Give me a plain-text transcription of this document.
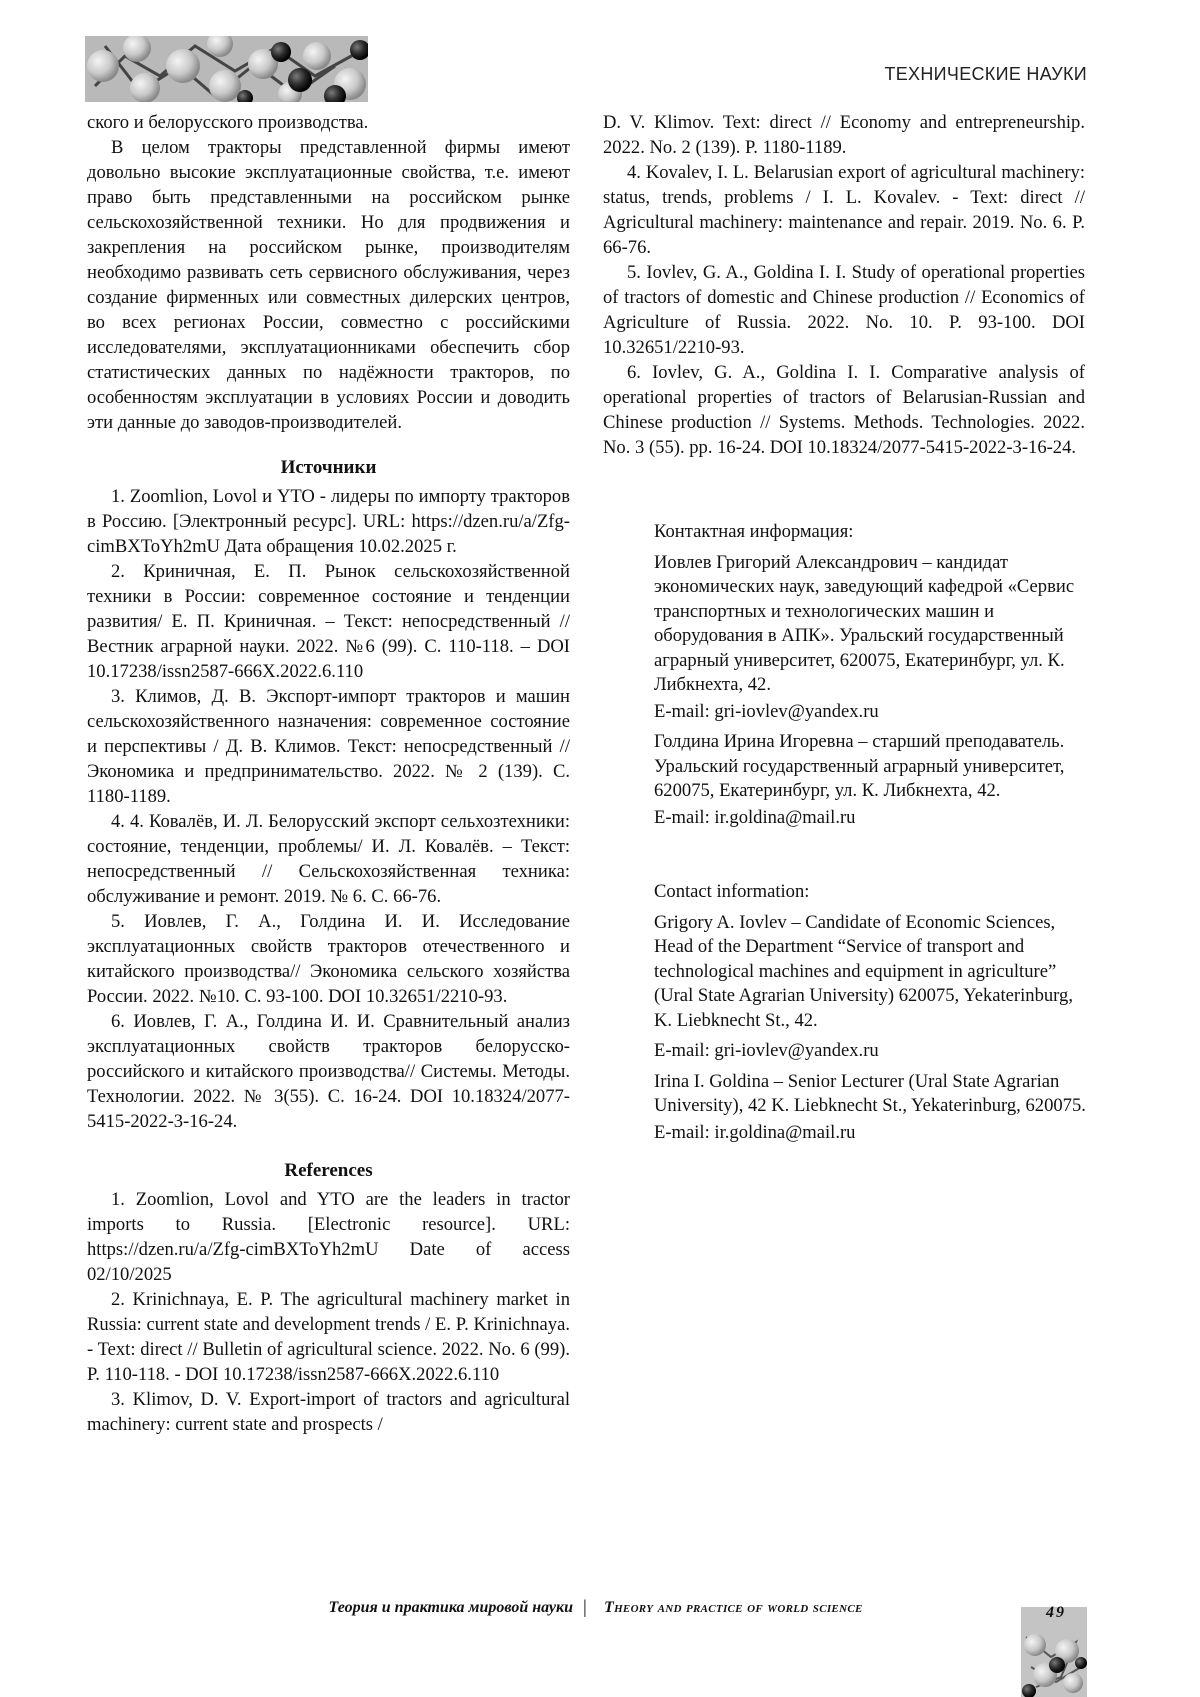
ТЕХНИЧЕСКИЕ НАУКИ

ского и белорусского производства.

В целом тракторы представленной фирмы имеют довольно высокие эксплуатационные свойства, т.е. имеют право быть представленными на российском рынке сельскохозяйственной техники. Но для продвижения и закрепления на российском рынке, производителям необходимо развивать сеть сервисного обслуживания, через создание фирменных или совместных дилерских центров, во всех регионах России, совместно с российскими исследователями, эксплуатационниками обеспечить сбор статистических данных по надёжности тракторов, по особенностям эксплуатации в условиях России и доводить эти данные до заводов-производителей.

Источники

1. Zoomlion, Lovol и YTO - лидеры по импорту тракторов в Россию. [Электронный ресурс]. URL: https://dzen.ru/a/Zfg-cimBXToYh2mU Дата обращения 10.02.2025 г.

2. Криничная, Е. П. Рынок сельскохозяйственной техники в России: современное состояние и тенденции развития/ Е. П. Криничная. – Текст: непосредственный // Вестник аграрной науки. 2022. №6 (99). С. 110-118. – DOI 10.17238/issn2587-666X.2022.6.110

3. Климов, Д. В. Экспорт-импорт тракторов и машин сельскохозяйственного назначения: современное состояние и перспективы / Д. В. Климов. Текст: непосредственный // Экономика и предпринимательство. 2022. № 2 (139). С. 1180-1189.

4. 4. Ковалёв, И. Л. Белорусский экспорт сельхозтехники: состояние, тенденции, проблемы/ И. Л. Ковалёв. – Текст: непосредственный // Сельскохозяйственная техника: обслуживание и ремонт. 2019. № 6. С. 66-76.

5. Иовлев, Г. А., Голдина И. И. Исследование эксплуатационных свойств тракторов отечественного и китайского производства// Экономика сельского хозяйства России. 2022. №10. С. 93-100. DOI 10.32651/2210-93.

6. Иовлев, Г. А., Голдина И. И. Сравнительный анализ эксплуатационных свойств тракторов белорусско-российского и китайского производства// Системы. Методы. Технологии. 2022. № 3(55). С. 16-24. DOI 10.18324/2077-5415-2022-3-16-24.

References

1. Zoomlion, Lovol and YTO are the leaders in tractor imports to Russia. [Electronic resource]. URL: https://dzen.ru/a/Zfg-cimBXToYh2mU Date of access 02/10/2025

2. Krinichnaya, E. P. The agricultural machinery market in Russia: current state and development trends / E. P. Krinichnaya. - Text: direct // Bulletin of agricultural science. 2022. No. 6 (99). P. 110-118. - DOI 10.17238/issn2587-666X.2022.6.110

3. Klimov, D. V. Export-import of tractors and agricultural machinery: current state and prospects /

D. V. Klimov. Text: direct // Economy and entrepreneurship. 2022. No. 2 (139). P. 1180-1189.

4. Kovalev, I. L. Belarusian export of agricultural machinery: status, trends, problems / I. L. Kovalev. - Text: direct // Agricultural machinery: maintenance and repair. 2019. No. 6. P. 66-76.

5. Iovlev, G. A., Goldina I. I. Study of operational properties of tractors of domestic and Chinese production // Economics of Agriculture of Russia. 2022. No. 10. P. 93-100. DOI 10.32651/2210-93.

6. Iovlev, G. A., Goldina I. I. Comparative analysis of operational properties of tractors of Belarusian-Russian and Chinese production // Systems. Methods. Technologies. 2022. No. 3 (55). pp. 16-24. DOI 10.18324/2077-5415-2022-3-16-24.

Контактная информация:

Иовлев Григорий Александрович – кандидат экономических наук, заведующий кафедрой «Сервис транспортных и технологических машин и оборудования в АПК». Уральский государственный аграрный университет, 620075, Екатеринбург, ул. К. Либкнехта, 42.

E-mail: gri-iovlev@yandex.ru

Голдина Ирина Игоревна – старший преподаватель. Уральский государственный аграрный университет, 620075, Екатеринбург, ул. К. Либкнехта, 42.

E-mail: ir.goldina@mail.ru

Contact information:

Grigory A. Iovlev – Candidate of Economic Sciences, Head of the Department “Service of transport and technological machines and equipment in agriculture” (Ural State Agrarian University) 620075, Yekaterinburg, K. Liebknecht St., 42.

E-mail: gri-iovlev@yandex.ru

Irina I. Goldina – Senior Lecturer (Ural State Agrarian University), 42 K. Liebknecht St., Yekaterinburg, 620075.

E-mail: ir.goldina@mail.ru

Теория и практика мировой науки | Theory and practice of world science	49
